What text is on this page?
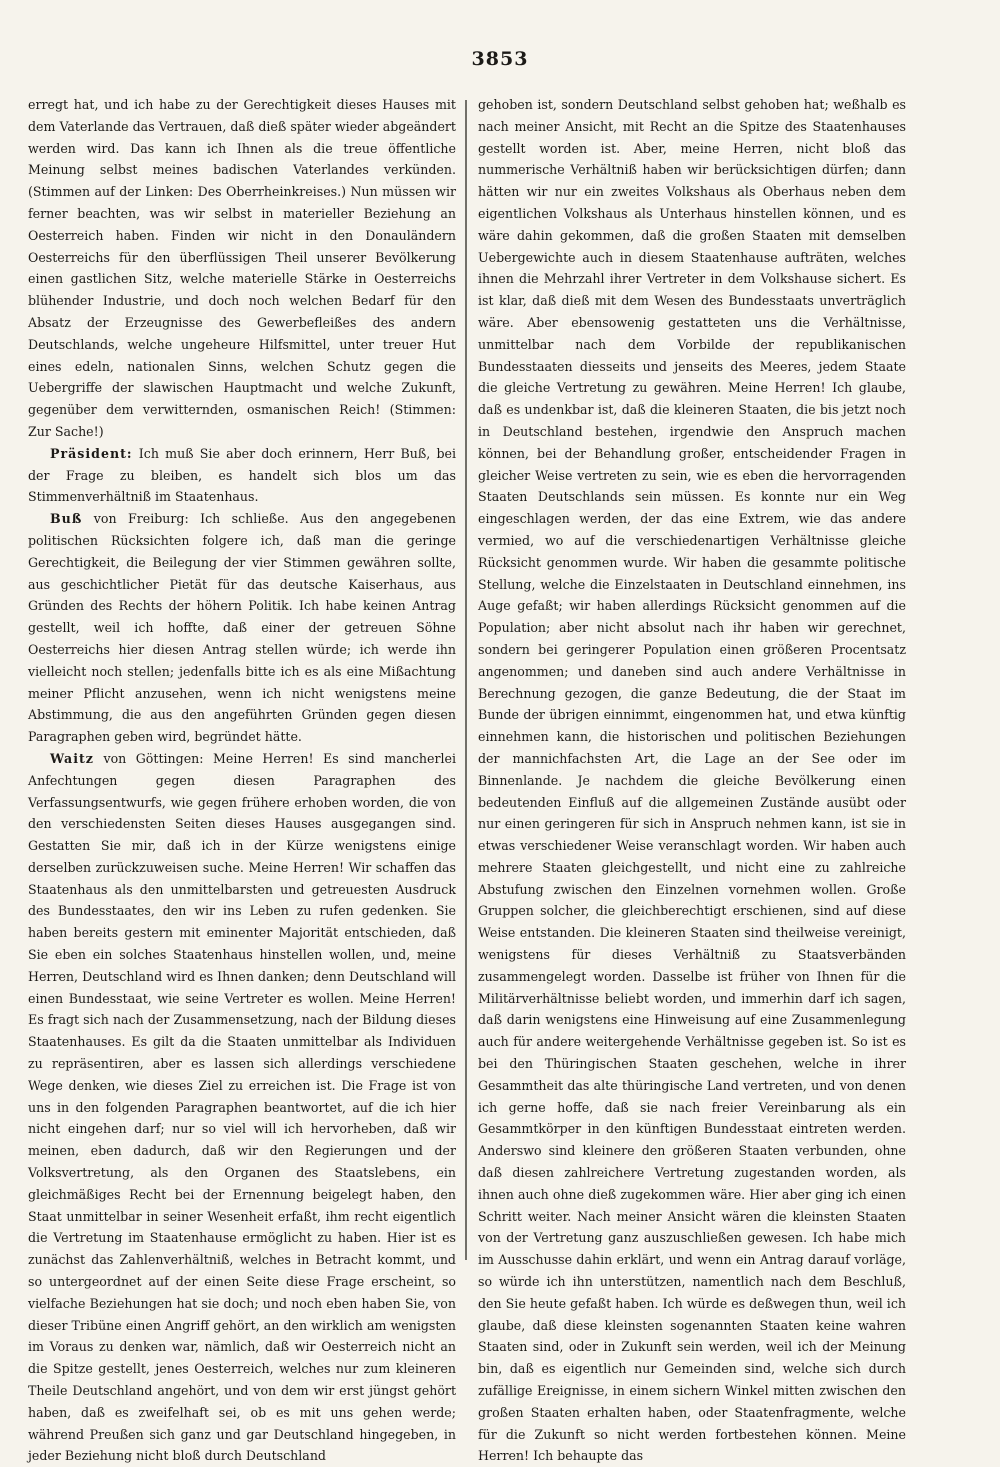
3853

erregt hat, und ich habe zu der Gerechtigkeit dieses Hauses mit dem Vaterlande das Vertrauen, daß dieß später wieder abgeändert werden wird. Das kann ich Ihnen als die treue öffentliche Meinung selbst meines badischen Vaterlandes verkünden. (Stimmen auf der Linken: Des Oberrheinkreises.) Nun müssen wir ferner beachten, was wir selbst in materieller Beziehung an Oesterreich haben. Finden wir nicht in den Donauländern Oesterreichs für den überflüssigen Theil unserer Bevölkerung einen gastlichen Sitz, welche materielle Stärke in Oesterreichs blühender Industrie, und doch noch welchen Bedarf für den Absatz der Erzeugnisse des Gewerbefleißes des andern Deutschlands, welche ungeheure Hilfsmittel, unter treuer Hut eines edeln, nationalen Sinns, welchen Schutz gegen die Uebergriffe der slawischen Hauptmacht und welche Zukunft, gegenüber dem verwitternden, osmanischen Reich! (Stimmen: Zur Sache!)

Präsident: Ich muß Sie aber doch erinnern, Herr Buß, bei der Frage zu bleiben, es handelt sich blos um das Stimmenverhältniß im Staatenhaus.

Buß von Freiburg: Ich schließe. Aus den angegebenen politischen Rücksichten folgere ich, daß man die geringe Gerechtigkeit, die Beilegung der vier Stimmen gewähren sollte, aus geschichtlicher Pietät für das deutsche Kaiserhaus, aus Gründen des Rechts der höhern Politik. Ich habe keinen Antrag gestellt, weil ich hoffte, daß einer der getreuen Söhne Oesterreichs hier diesen Antrag stellen würde; ich werde ihn vielleicht noch stellen; jedenfalls bitte ich es als eine Mißachtung meiner Pflicht anzusehen, wenn ich nicht wenigstens meine Abstimmung, die aus den angeführten Gründen gegen diesen Paragraphen geben wird, begründet hätte.

Waitz von Göttingen: Meine Herren! Es sind mancherlei Anfechtungen gegen diesen Paragraphen des Verfassungsentwurfs, wie gegen frühere erhoben worden, die von den verschiedensten Seiten dieses Hauses ausgegangen sind. Gestatten Sie mir, daß ich in der Kürze wenigstens einige derselben zurückzuweisen suche. Meine Herren! Wir schaffen das Staatenhaus als den unmittelbarsten und getreuesten Ausdruck des Bundesstaates, den wir ins Leben zu rufen gedenken. Sie haben bereits gestern mit eminenter Majorität entschieden, daß Sie eben ein solches Staatenhaus hinstellen wollen, und, meine Herren, Deutschland wird es Ihnen danken; denn Deutschland will einen Bundesstaat, wie seine Vertreter es wollen. Meine Herren! Es fragt sich nach der Zusammensetzung, nach der Bildung dieses Staatenhauses. Es gilt da die Staaten unmittelbar als Individuen zu repräsentiren, aber es lassen sich allerdings verschiedene Wege denken, wie dieses Ziel zu erreichen ist. Die Frage ist von uns in den folgenden Paragraphen beantwortet, auf die ich hier nicht eingehen darf; nur so viel will ich hervorheben, daß wir meinen, eben dadurch, daß wir den Regierungen und der Volksvertretung, als den Organen des Staatslebens, ein gleichmäßiges Recht bei der Ernennung beigelegt haben, den Staat unmittelbar in seiner Wesenheit erfaßt, ihm recht eigentlich die Vertretung im Staatenhause ermöglicht zu haben. Hier ist es zunächst das Zahlenverhältniß, welches in Betracht kommt, und so untergeordnet auf der einen Seite diese Frage erscheint, so vielfache Beziehungen hat sie doch; und noch eben haben Sie, von dieser Tribüne einen Angriff gehört, an den wirklich am wenigsten im Voraus zu denken war, nämlich, daß wir Oesterreich nicht an die Spitze gestellt, jenes Oesterreich, welches nur zum kleineren Theile Deutschland angehört, und von dem wir erst jüngst gehört haben, daß es zweifelhaft sei, ob es mit uns gehen werde; während Preußen sich ganz und gar Deutschland hingegeben, in jeder Beziehung nicht bloß durch Deutschland

gehoben ist, sondern Deutschland selbst gehoben hat; weßhalb es nach meiner Ansicht, mit Recht an die Spitze des Staatenhauses gestellt worden ist. Aber, meine Herren, nicht bloß das nummerische Verhältniß haben wir berücksichtigen dürfen; dann hätten wir nur ein zweites Volkshaus als Oberhaus neben dem eigentlichen Volkshaus als Unterhaus hinstellen können, und es wäre dahin gekommen, daß die großen Staaten mit demselben Uebergewichte auch in diesem Staatenhause aufträten, welches ihnen die Mehrzahl ihrer Vertreter in dem Volkshause sichert. Es ist klar, daß dieß mit dem Wesen des Bundesstaats unverträglich wäre. Aber ebensowenig gestatteten uns die Verhältnisse, unmittelbar nach dem Vorbilde der republikanischen Bundesstaaten diesseits und jenseits des Meeres, jedem Staate die gleiche Vertretung zu gewähren. Meine Herren! Ich glaube, daß es undenkbar ist, daß die kleineren Staaten, die bis jetzt noch in Deutschland bestehen, irgendwie den Anspruch machen können, bei der Behandlung großer, entscheidender Fragen in gleicher Weise vertreten zu sein, wie es eben die hervorragenden Staaten Deutschlands sein müssen. Es konnte nur ein Weg eingeschlagen werden, der das eine Extrem, wie das andere vermied, wo auf die verschiedenartigen Verhältnisse gleiche Rücksicht genommen wurde. Wir haben die gesammte politische Stellung, welche die Einzelstaaten in Deutschland einnehmen, ins Auge gefaßt; wir haben allerdings Rücksicht genommen auf die Population; aber nicht absolut nach ihr haben wir gerechnet, sondern bei geringerer Population einen größeren Procentsatz angenommen; und daneben sind auch andere Verhältnisse in Berechnung gezogen, die ganze Bedeutung, die der Staat im Bunde der übrigen einnimmt, eingenommen hat, und etwa künftig einnehmen kann, die historischen und politischen Beziehungen der mannichfachsten Art, die Lage an der See oder im Binnenlande. Je nachdem die gleiche Bevölkerung einen bedeutenden Einfluß auf die allgemeinen Zustände ausübt oder nur einen geringeren für sich in Anspruch nehmen kann, ist sie in etwas verschiedener Weise veranschlagt worden. Wir haben auch mehrere Staaten gleichgestellt, und nicht eine zu zahlreiche Abstufung zwischen den Einzelnen vornehmen wollen. Große Gruppen solcher, die gleichberechtigt erschienen, sind auf diese Weise entstanden. Die kleineren Staaten sind theilweise vereinigt, wenigstens für dieses Verhältniß zu Staatsverbänden zusammengelegt worden. Dasselbe ist früher von Ihnen für die Militärverhältnisse beliebt worden, und immerhin darf ich sagen, daß darin wenigstens eine Hinweisung auf eine Zusammenlegung auch für andere weitergehende Verhältnisse gegeben ist. So ist es bei den Thüringischen Staaten geschehen, welche in ihrer Gesammtheit das alte thüringische Land vertreten, und von denen ich gerne hoffe, daß sie nach freier Vereinbarung als ein Gesammtkörper in den künftigen Bundesstaat eintreten werden. Anderswo sind kleinere den größeren Staaten verbunden, ohne daß diesen zahlreichere Vertretung zugestanden worden, als ihnen auch ohne dieß zugekommen wäre. Hier aber ging ich einen Schritt weiter. Nach meiner Ansicht wären die kleinsten Staaten von der Vertretung ganz auszuschließen gewesen. Ich habe mich im Ausschusse dahin erklärt, und wenn ein Antrag darauf vorläge, so würde ich ihn unterstützen, namentlich nach dem Beschluß, den Sie heute gefaßt haben. Ich würde es deßwegen thun, weil ich glaube, daß diese kleinsten sogenannten Staaten keine wahren Staaten sind, oder in Zukunft sein werden, weil ich der Meinung bin, daß es eigentlich nur Gemeinden sind, welche sich durch zufällige Ereignisse, in einem sichern Winkel mitten zwischen den großen Staaten erhalten haben, oder Staatenfragmente, welche für die Zukunft so nicht werden fortbestehen können. Meine Herren! Ich behaupte das
